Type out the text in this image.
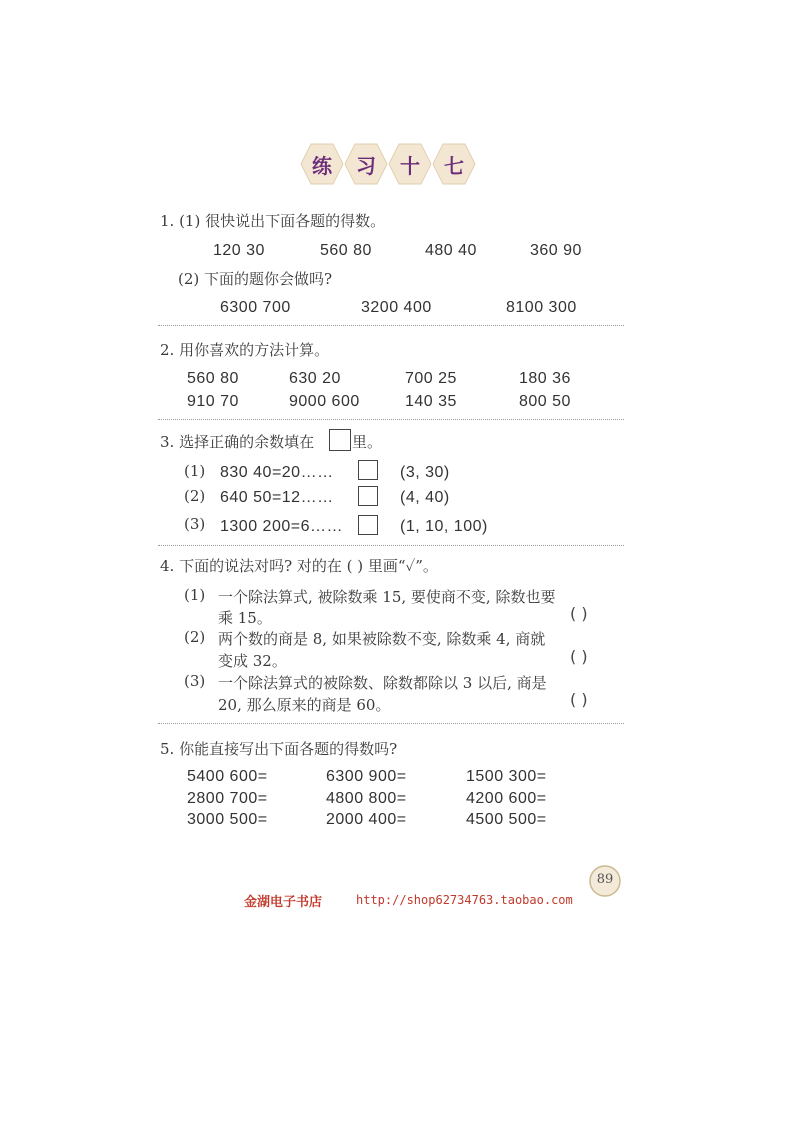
练 习 十 七
1. (1) 很快说出下面各题的得数。
120 30	560 80	480 40	360 90
(2) 下面的题你会做吗?
6300 700	3200 400	8100 300
2. 用你喜欢的方法计算。
560 80	630 20	700 25	180 36
910 70	9000 600	140 35	800 50
3. 选择正确的余数填在	里。
(1) 830 40=20……	(3, 30)
(2) 640 50=12……	(4, 40)
(3) 1300 200=6……	(1, 10, 100)
4. 下面的说法对吗? 对的在 ( ) 里画“✓”。
(1) 一个除法算式, 被除数乘 15, 要使商不变, 除数也要
乘 15。	( )
(2) 两个数的商是 8, 如果被除数不变, 除数乘 4, 商就
变成 32。	( )
(3) 一个除法算式的被除数、除数都除以 3 以后, 商是
20, 那么原来的商是 60。	( )
5. 你能直接写出下面各题的得数吗?
5400 600=	6300 900=	1500 300=
2800 700=	4800 800=	4200 600=
3000 500=	2000 400=	4500 500=
89
金湖电子书店	http://shop62734763.taobao.com
